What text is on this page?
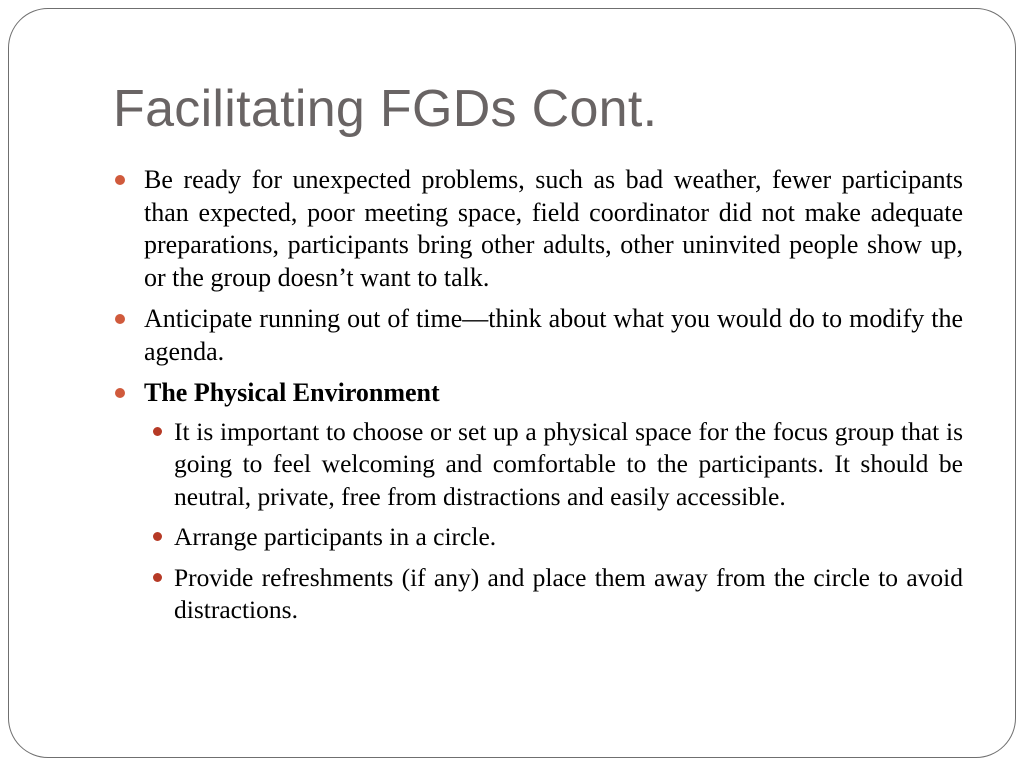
Facilitating FGDs Cont.
Be ready for unexpected problems, such as bad weather, fewer participants than expected, poor meeting space, field coordinator did not make adequate preparations, participants bring other adults, other uninvited people show up, or the group doesn’t want to talk.
Anticipate running out of time—think about what you would do to modify the agenda.
The Physical Environment
It is important to choose or set up a physical space for the focus group that is going to feel welcoming and comfortable to the participants. It should be neutral, private, free from distractions and easily accessible.
Arrange participants in a circle.
Provide refreshments (if any) and place them away from the circle to avoid distractions.
